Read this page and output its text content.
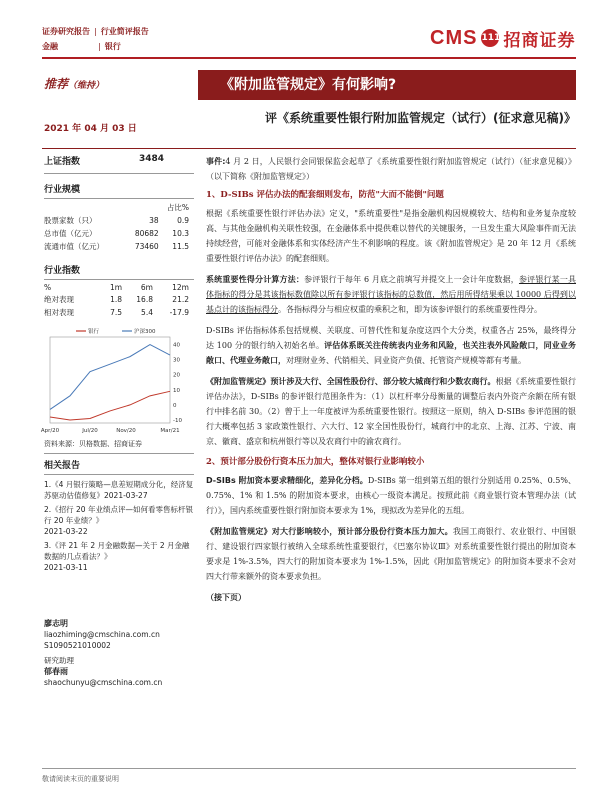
证券研究报告 | 行业简评报告
金融	| 银行	CMS 111 招商证券
推荐（维持）	《附加监管规定》有何影响?
评《系统重要性银行附加监管规定（试行）(征求意见稿)》
2021 年 04 月 03 日
上证指数	3484
行业规模
		占比%
股票家数（只）	38	0.9
总市值（亿元）	80682	10.3
流通市值（亿元）	73460	11.5
行业指数
%	1m	6m	12m
绝对表现	1.8	16.8	21.2
相对表现	7.5	5.4	-17.9
银行	沪深300
40
30
20
10
0
-10
Apr/20	Jul/20	Nov/20	Mar/21
资料来源：贝格数据、招商证券
相关报告
1.《4 月银行策略—息差短期成分化，经济复苏驱动估值修复》2021-03-27
2.《招行 20 年业绩点评—如何看零售标杆银行 20 年业绩？》
2021-03-22
3.《评 21 年 2 月金融数据—关于 2 月金融数据的几点看法？》
2021-03-11
廖志明
liaozhiming@cmschina.com.cn
S1090521010002
研究助理
郁春雨
shaochunyu@cmschina.com.cn

事件:4 月 2 日，人民银行会同银保监会起草了《系统重要性银行附加监管规定（试行）（征求意见稿）》（以下简称《附加监管规定》）

1、D-SIBs 评估办法的配套细则发布，防范"大而不能倒"问题

根据《系统重要性银行评估办法》定义，"系统重要性"是指金融机构因规模较大、结构和业务复杂度较高、与其他金融机构关联性较强，在金融体系中提供难以替代的关键服务，一旦发生重大风险事件而无法持续经营，可能对金融体系和实体经济产生不利影响的程度。该《附加监管规定》是 20 年 12 月《系统重要性银行评估办法》的配套细则。

系统重要性得分计算方法：参评银行于每年 6 月底之前填写并提交上一会计年度数据，参评银行某一具体指标的得分是其该指标数值除以所有参评银行该指标的总数值，然后用所得结果乘以 10000 后得到以基点计的该指标得分。各指标得分与相应权重的乘积之和，即为该参评银行的系统重要性得分。

D-SIBs 评估指标体系包括规模、关联度、可替代性和复杂度这四个大分类，权重各占 25%，最终得分达 100 分的银行纳入初始名单。评估体系既关注传统表内业务和风险，也关注表外风险敞口，同业业务敞口、代理业务敞口，对理财业务、代销相关、同业资产负债、托管资产规模等都有考量。

《附加监管规定》预计涉及大行、全国性股份行、部分较大城商行和少数农商行。根据《系统重要性银行评估办法》，D-SIBs 的参评银行范围条件为：（1）以杠杆率分母衡量的调整后表内外资产余额在所有银行中排名前 30。（2）曾于上一年度被评为系统重要性银行。按照这一原则，纳入 D-SIBs 参评范围的银行大概率包括 3 家政策性银行、六大行、12 家全国性股份行，城商行中的北京、上海、江苏、宁波、南京、徽商、盛京和杭州银行等以及农商行中的渝农商行。

2、预计部分股份行资本压力加大，整体对银行业影响较小

D-SIBs 附加资本要求精细化，差异化分档。D-SIBs 第一组到第五组的银行分别适用 0.25%、0.5%、0.75%、1% 和 1.5% 的附加资本要求，由核心一级资本满足。按照此前《商业银行资本管理办法（试行）》，国内系统重要性银行附加资本要求为 1%，现拟改为差异化的五组。

《附加监管规定》对大行影响较小，预计部分股份行资本压力加大。我国工商银行、农业银行、中国银行、建设银行四家银行被纳入全球系统性重要银行，《巴塞尔协议Ⅲ》对系统重要性银行提出的附加资本要求是 1%-3.5%，四大行的附加资本要求为 1%-1.5%，因此《附加监管规定》的附加资本要求不会对四大行带来额外的资本要求负担。

（接下页）

敬请阅读末页的重要说明
